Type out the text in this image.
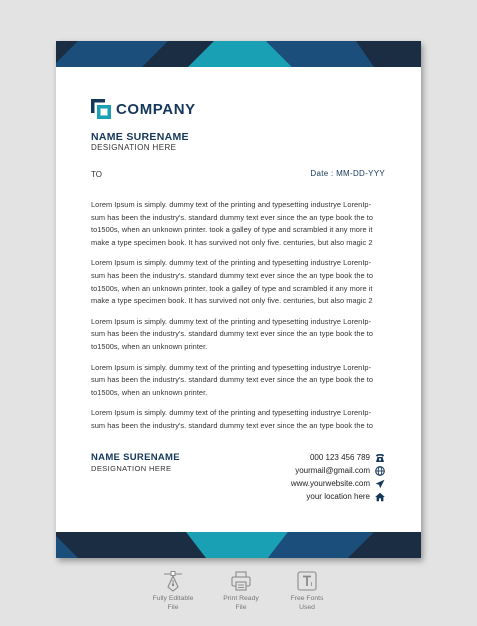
COMPANY
NAME SURENAME
DESIGNATION HERE
TO	Date : MM-DD-YYY

Lorem Ipsum is simply. dummy text of the printing and typesetting industrye LorenIp- sum has been the industry's. standard dummy text ever since the an type book the to to1500s, when an unknown printer. took a galley of type and scrambled it any more it make a type specimen book. It has survived not only five. centuries, but also magic 2

Lorem Ipsum is simply. dummy text of the printing and typesetting industrye LorenIp- sum has been the industry's. standard dummy text ever since the an type book the to to1500s, when an unknown printer. took a galley of type and scrambled it any more it make a type specimen book. It has survived not only five. centuries, but also magic 2

Lorem Ipsum is simply. dummy text of the printing and typesetting industrye LorenIp- sum has been the industry's. standard dummy text ever since the an type book the to to1500s, when an unknown printer.

Lorem Ipsum is simply. dummy text of the printing and typesetting industrye LorenIp- sum has been the industry's. standard dummy text ever since the an type book the to to1500s, when an unknown printer.

Lorem Ipsum is simply. dummy text of the printing and typesetting industrye LorenIp- sum has been the industry's. standard dummy text ever since the an type book the to

NAME SURENAME
DESIGNATION HERE
000 123 456 789
yourmail@gmail.com
www.yourwebsite.com
your location here
Fully Editable
File
Print Ready
File
Free Fonts
Used
